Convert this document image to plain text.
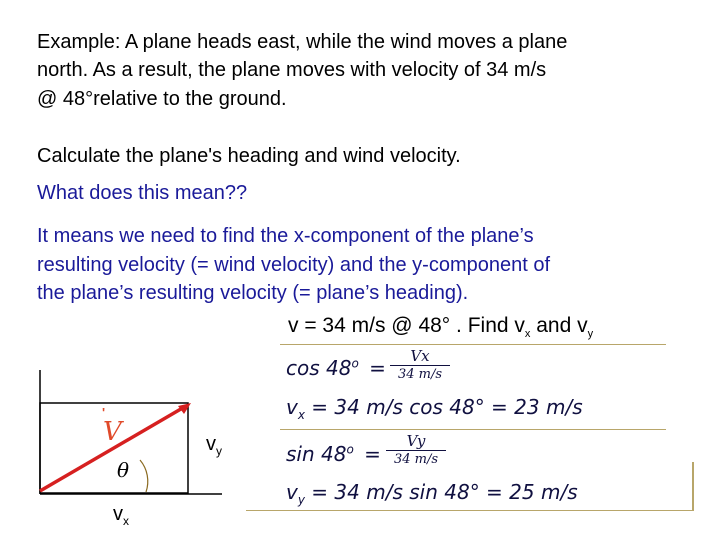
Example: A plane heads east, while the wind moves a plane
north. As a result, the plane moves with velocity of 34 m/s
@ 48°relative to the ground.
Calculate the plane's heading and wind velocity.
What does this mean??
It means we need to find the x-component of the plane’s
resulting velocity (= wind velocity) and the y-component of
the plane’s resulting velocity (= plane’s heading).
v = 34 m/s @ 48° . Find $v_x$ and $v_y$
$\cos 48^o$ =	Vx
34 m/s
$v_x = 34$ m/s cos 48° = 23 m/s
$\sin 48^o$ =
Vy
34 m/s
$v_y = 34$ m/s sin 48° = 25 m/s
'
V
θ
$v_x$
$v_y$
